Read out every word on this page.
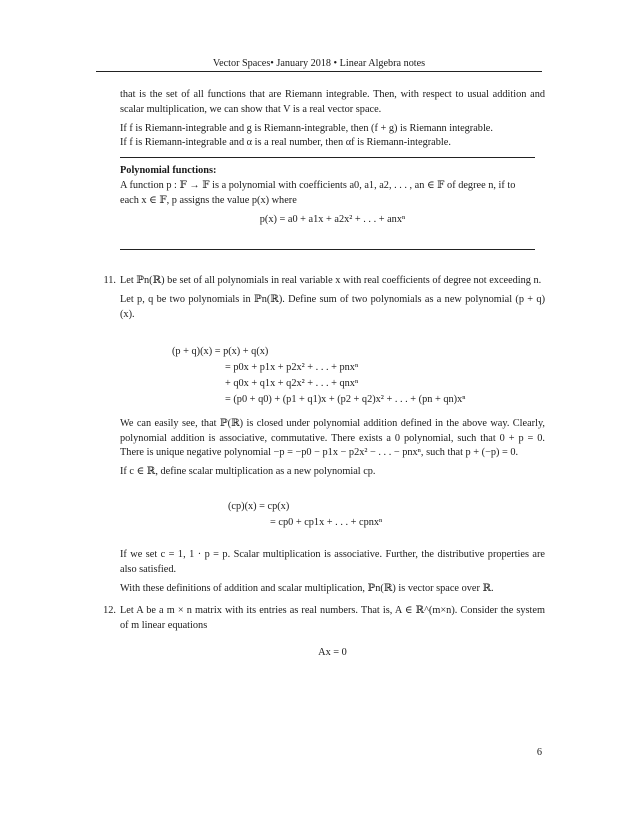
Vector Spaces• January 2018 • Linear Algebra notes

that is the set of all functions that are Riemann integrable. Then, with respect to usual addition and scalar multiplication, we can show that V is a real vector space.

If f is Riemann-integrable and g is Riemann-integrable, then (f + g) is Riemann integrable.

If f is Riemann-integrable and α is a real number, then αf is Riemann-integrable.

Polynomial functions:

A function p : 𝔽 → 𝔽 is a polynomial with coefficients a0, a1, a2, . . . , an ∈ 𝔽 of degree n, if to

each x ∈ 𝔽, p assigns the value p(x) where

p(x) = a0 + a1x + a2x² + . . . + anxⁿ

11. Let ℙn(ℝ) be set of all polynomials in real variable x with real coefficients of degree not exceeding n.

Let p, q be two polynomials in ℙn(ℝ). Define sum of two polynomials as a new polynomial (p + q)(x).

(p + q)(x) = p(x) + q(x)
= p0x + p1x + p2x² + . . . + pnxⁿ
+ q0x + q1x + q2x² + . . . + qnxⁿ
= (p0 + q0) + (p1 + q1)x + (p2 + q2)x² + . . . + (pn + qn)xⁿ

We can easily see, that ℙ(ℝ) is closed under polynomial addition defined in the above way. Clearly, polynomial addition is associative, commutative. There exists a 0 polynomial, such that 0 + p = 0. There is unique negative polynomial −p = −p0 − p1x − p2x² − . . . − pnxⁿ, such that p + (−p) = 0.

If c ∈ ℝ, define scalar multiplication as a new polynomial cp.

(cp)(x) = cp(x)
= cp0 + cp1x + . . . + cpnxⁿ

If we set c = 1, 1 · p = p. Scalar multiplication is associative. Further, the distributive properties are also satisfied.

With these definitions of addition and scalar multiplication, ℙn(ℝ) is vector space over ℝ.

12. Let A be a m × n matrix with its entries as real numbers. That is, A ∈ ℝ^(m×n). Consider the system of m linear equations

Ax = 0

6
